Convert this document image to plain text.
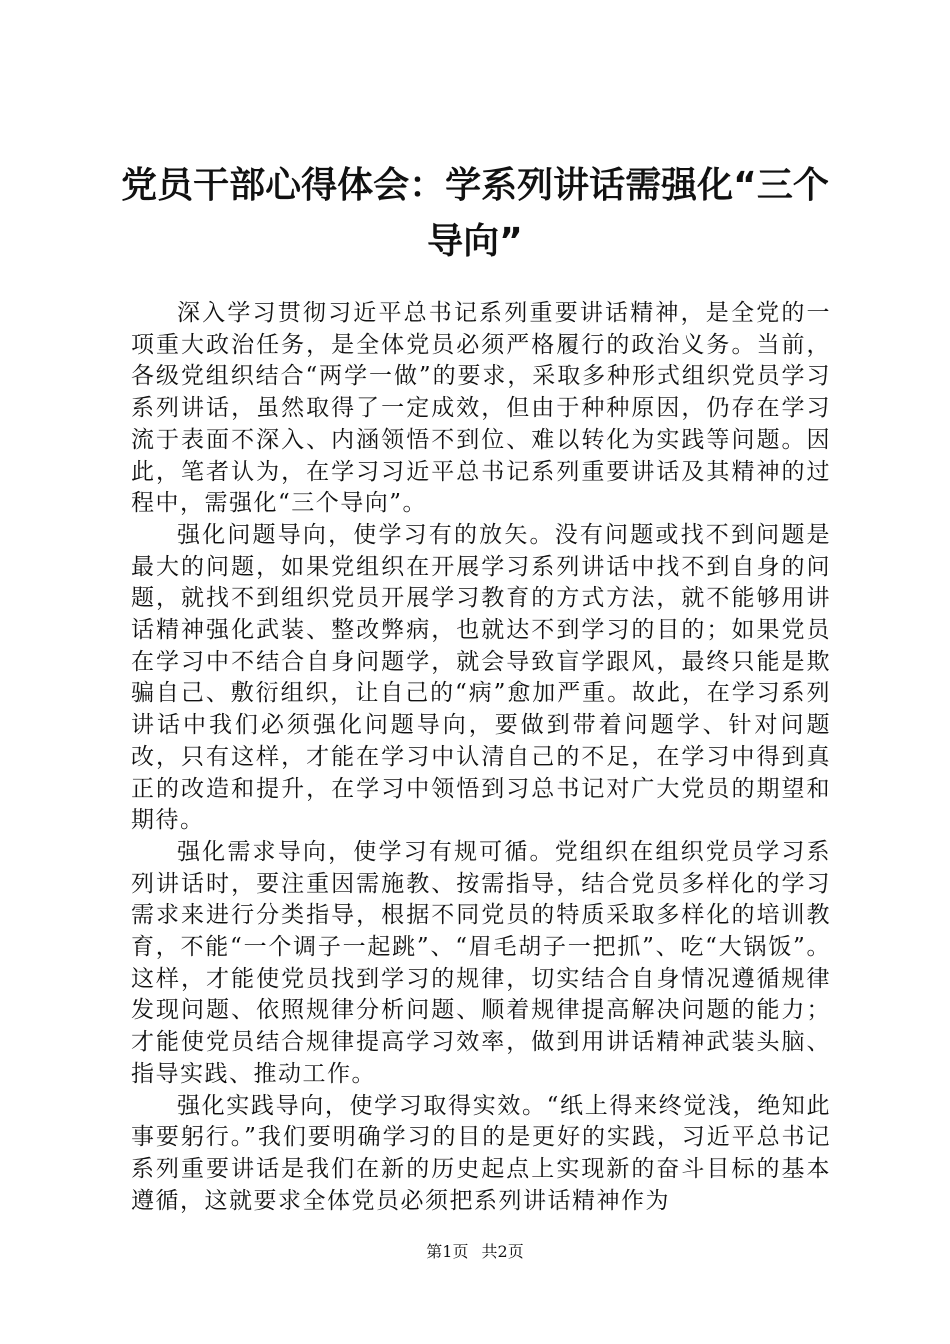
党员干部心得体会：学系列讲话需强化“三个导向”

深入学习贯彻习近平总书记系列重要讲话精神，是全党的一项重大政治任务，是全体党员必须严格履行的政治义务。当前，各级党组织结合“两学一做”的要求，采取多种形式组织党员学习系列讲话，虽然取得了一定成效，但由于种种原因，仍存在学习流于表面不深入、内涵领悟不到位、难以转化为实践等问题。因此，笔者认为，在学习习近平总书记系列重要讲话及其精神的过程中，需强化“三个导向”。

强化问题导向，使学习有的放矢。没有问题或找不到问题是最大的问题，如果党组织在开展学习系列讲话中找不到自身的问题，就找不到组织党员开展学习教育的方式方法，就不能够用讲话精神强化武装、整改弊病，也就达不到学习的目的；如果党员在学习中不结合自身问题学，就会导致盲学跟风，最终只能是欺骗自己、敷衍组织，让自己的“病”愈加严重。故此，在学习系列讲话中我们必须强化问题导向，要做到带着问题学、针对问题改，只有这样，才能在学习中认清自己的不足，在学习中得到真正的改造和提升，在学习中领悟到习总书记对广大党员的期望和期待。

强化需求导向，使学习有规可循。党组织在组织党员学习系列讲话时，要注重因需施教、按需指导，结合党员多样化的学习需求来进行分类指导，根据不同党员的特质采取多样化的培训教育，不能“一个调子一起跳”、“眉毛胡子一把抓”、吃“大锅饭”。这样，才能使党员找到学习的规律，切实结合自身情况遵循规律发现问题、依照规律分析问题、顺着规律提高解决问题的能力；才能使党员结合规律提高学习效率，做到用讲话精神武装头脑、指导实践、推动工作。

强化实践导向，使学习取得实效。“纸上得来终觉浅，绝知此事要躬行。”我们要明确学习的目的是更好的实践，习近平总书记系列重要讲话是我们在新的历史起点上实现新的奋斗目标的基本遵循，这就要求全体党员必须把系列讲话精神作为

第1页 共2页
